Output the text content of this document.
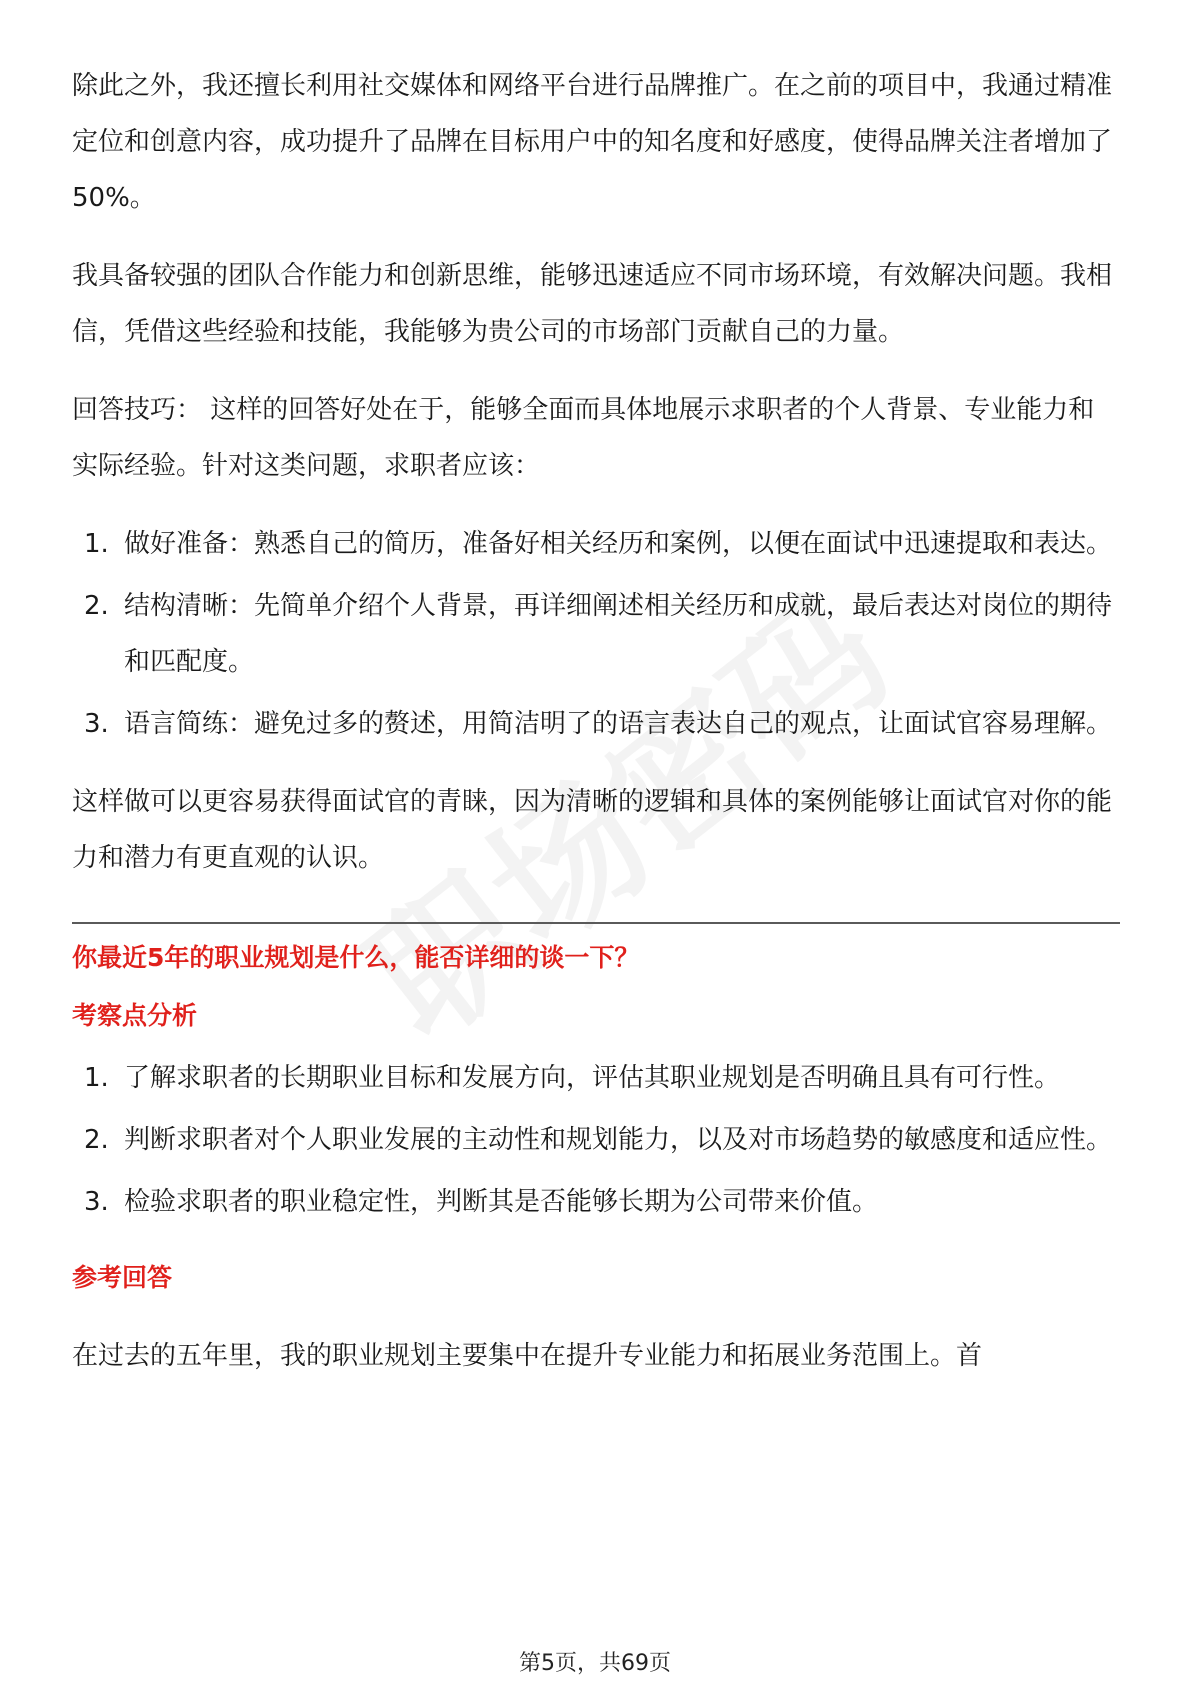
除此之外，我还擅长利用社交媒体和网络平台进行品牌推广。在之前的项目中，我通过精准定位和创意内容，成功提升了品牌在目标用户中的知名度和好感度，使得品牌关注者增加了50%。

我具备较强的团队合作能力和创新思维，能够迅速适应不同市场环境，有效解决问题。我相信，凭借这些经验和技能，我能够为贵公司的市场部门贡献自己的力量。

回答技巧： 这样的回答好处在于，能够全面而具体地展示求职者的个人背景、专业能力和实际经验。针对这类问题，求职者应该：

1. 做好准备：熟悉自己的简历，准备好相关经历和案例，以便在面试中迅速提取和表达。
2. 结构清晰：先简单介绍个人背景，再详细阐述相关经历和成就，最后表达对岗位的期待和匹配度。
3. 语言简练：避免过多的赘述，用简洁明了的语言表达自己的观点，让面试官容易理解。

这样做可以更容易获得面试官的青睐，因为清晰的逻辑和具体的案例能够让面试官对你的能力和潜力有更直观的认识。

你最近5年的职业规划是什么，能否详细的谈一下？
考察点分析
1. 了解求职者的长期职业目标和发展方向，评估其职业规划是否明确且具有可行性。
2. 判断求职者对个人职业发展的主动性和规划能力，以及对市场趋势的敏感度和适应性。
3. 检验求职者的职业稳定性，判断其是否能够长期为公司带来价值。
参考回答
在过去的五年里，我的职业规划主要集中在提升专业能力和拓展业务范围上。首
第5页，共69页
